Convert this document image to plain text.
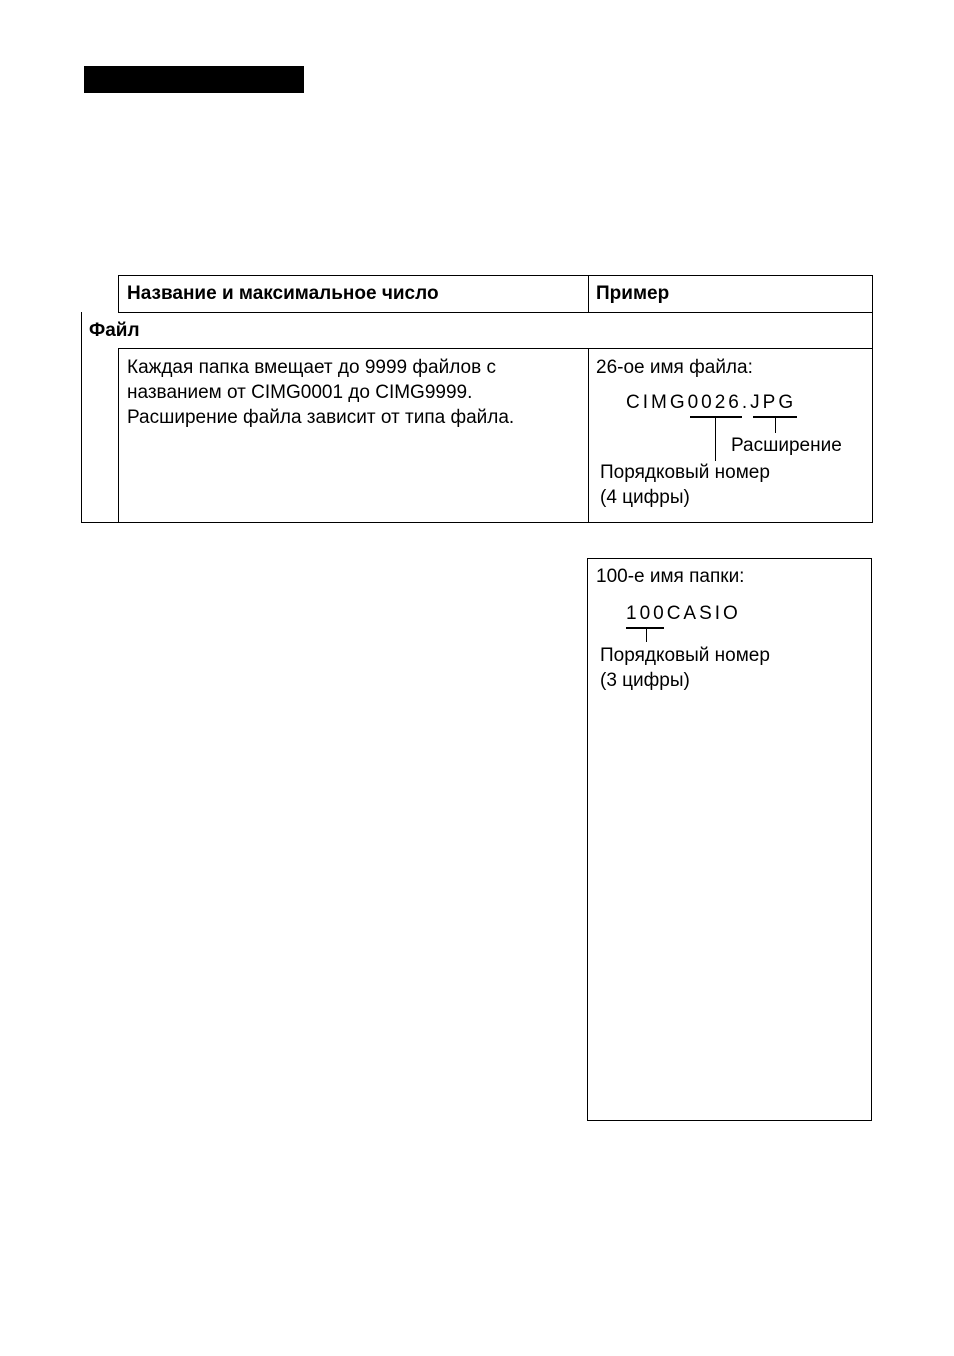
Название и максимальное число	Пример
Файл
Каждая папка вмещает до 9999 файлов с
названием от CIMG0001 до CIMG9999.
Расширение файла зависит от типа файла.
26-ое имя файла:
CIMG0026.JPG
Расширение
Порядковый номер
(4 цифры)
100-е имя папки:
100CASIO
Порядковый номер
(3 цифры)
